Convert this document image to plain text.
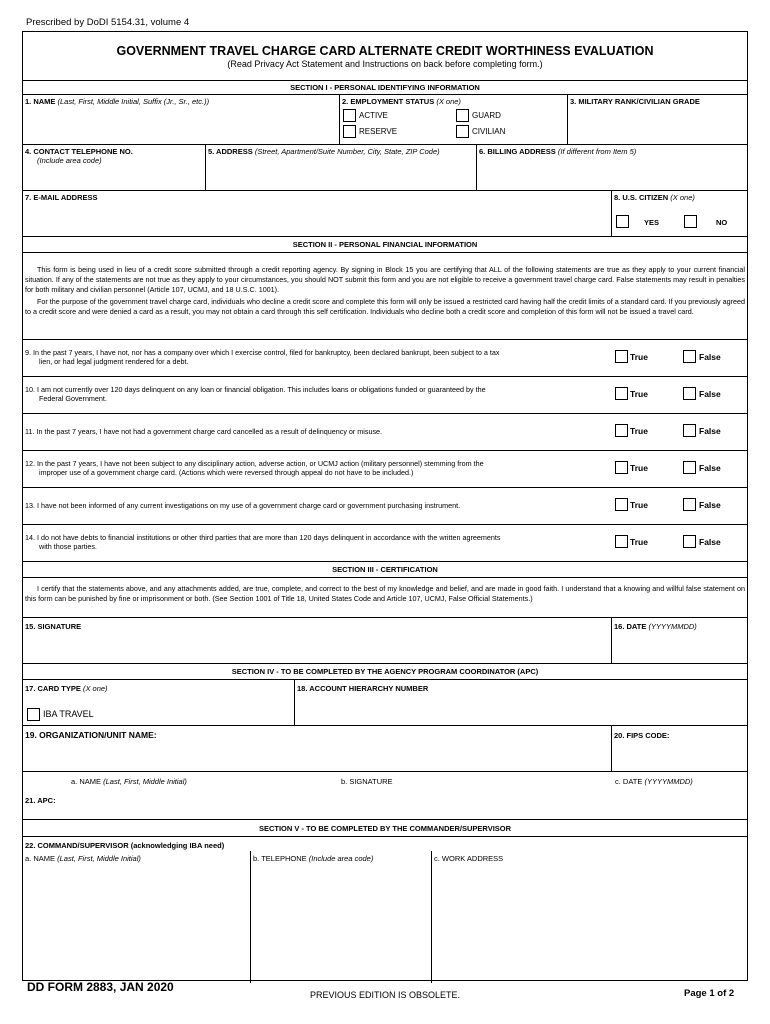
Prescribed by DoDI 5154.31, volume 4
GOVERNMENT TRAVEL CHARGE CARD ALTERNATE CREDIT WORTHINESS EVALUATION
(Read Privacy Act Statement and Instructions on back before completing form.)
SECTION I - PERSONAL IDENTIFYING INFORMATION
1. NAME (Last, First, Middle Initial, Suffix (Jr., Sr., etc.))	2. EMPLOYMENT STATUS (X one)
ACTIVE	GUARD
RESERVE	CIVILIAN
3. MILITARY RANK/CIVILIAN GRADE
4. CONTACT TELEPHONE NO.
(Include area code)
5. ADDRESS (Street, Apartment/Suite Number, City, State, ZIP Code)	6. BILLING ADDRESS (If different from Item 5)
7. E-MAIL ADDRESS	8. U.S. CITIZEN (X one)
YES	NO
SECTION II - PERSONAL FINANCIAL INFORMATION
This form is being used in lieu of a credit score submitted through a credit reporting agency. By signing in Block 15 you are certifying that ALL of the following statements are true as they apply to your current financial situation. If any of the statements are not true as they apply to your circumstances, you should NOT submit this form and you are not eligible to receive a government travel charge card. False statements may result in penalties for both military and civilian personnel (Article 107, UCMJ, and 18 U.S.C. 1001).
For the purpose of the government travel charge card, individuals who decline a credit score and complete this form will only be issued a restricted card having half the credit limits of a standard card. If you previously agreed to a credit score and were denied a card as a result, you may not obtain a card through this self certification. Individuals who decline both a credit score and completion of this form will not be issued a travel card.
9. In the past 7 years, I have not, nor has a company over which I exercise control, filed for bankruptcy, been declared bankrupt, been subject to a tax
lien, or had legal judgment rendered for a debt.	True	False
10. I am not currently over 120 days delinquent on any loan or financial obligation. This includes loans or obligations funded or guaranteed by the
Federal Government.	True	False
11. In the past 7 years, I have not had a government charge card cancelled as a result of delinquency or misuse.	True	False
12. In the past 7 years, I have not been subject to any disciplinary action, adverse action, or UCMJ action (military personnel) stemming from the
improper use of a government charge card. (Actions which were reversed through appeal do not have to be included.)	True	False
13. I have not been informed of any current investigations on my use of a government charge card or government purchasing instrument.	True	False
14. I do not have debts to financial institutions or other third parties that are more than 120 days delinquent in accordance with the written agreements
with those parties.	True	False
SECTION III - CERTIFICATION
I certify that the statements above, and any attachments added, are true, complete, and correct to the best of my knowledge and belief, and are made in good faith. I understand that a knowing and willful false statement on this form can be punished by fine or imprisonment or both. (See Section 1001 of Title 18, United States Code and Article 107, UCMJ, False Official Statements.)
15. SIGNATURE	16. DATE (YYYYMMDD)
SECTION IV - TO BE COMPLETED BY THE AGENCY PROGRAM COORDINATOR (APC)
17. CARD TYPE (X one)
IBA TRAVEL
18. ACCOUNT HIERARCHY NUMBER
19. ORGANIZATION/UNIT NAME:	20. FIPS CODE:
a. NAME (Last, First, Middle Initial)	b. SIGNATURE	c. DATE (YYYYMMDD)
21. APC:
SECTION V - TO BE COMPLETED BY THE COMMANDER/SUPERVISOR
22. COMMAND/SUPERVISOR (acknowledging IBA need)
a. NAME (Last, First, Middle Initial)	b. TELEPHONE (Include area code)	c. WORK ADDRESS
DD FORM 2883, JAN 2020
PREVIOUS EDITION IS OBSOLETE.	Page 1 of 2
